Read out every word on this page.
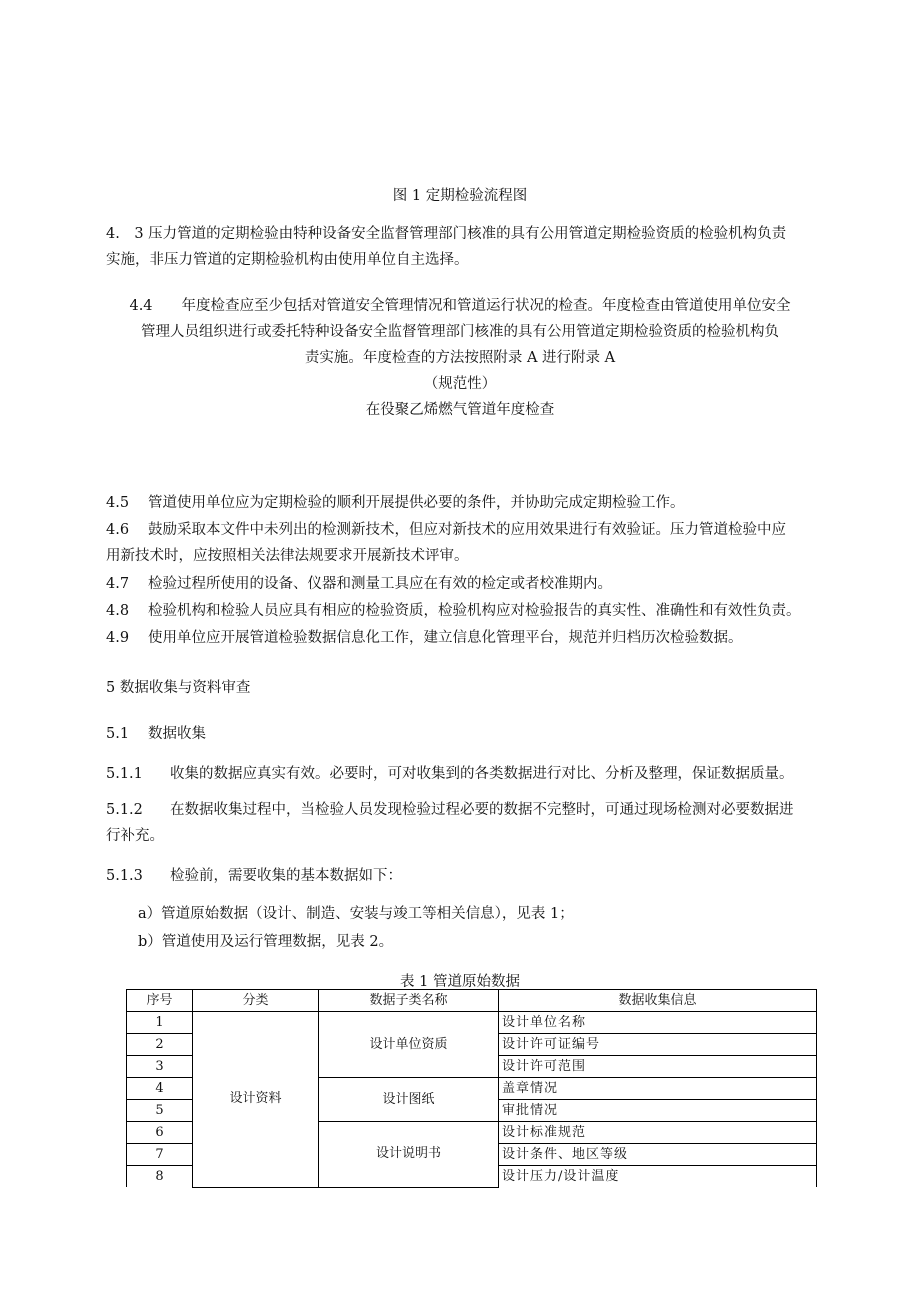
图 1 定期检验流程图
4.　3 压力管道的定期检验由特种设备安全监督管理部门核准的具有公用管道定期检验资质的检验机构负责
实施，非压力管道的定期检验机构由使用单位自主选择。
4.4　　年度检查应至少包括对管道安全管理情况和管道运行状况的检查。年度检查由管道使用单位安全
管理人员组织进行或委托特种设备安全监督管理部门核准的具有公用管道定期检验资质的检验机构负
责实施。年度检查的方法按照附录 A 进行附录 A
（规范性）
在役聚乙烯燃气管道年度检查
4.5 管道使用单位应为定期检验的顺利开展提供必要的条件，并协助完成定期检验工作。
4.6 鼓励采取本文件中未列出的检测新技术，但应对新技术的应用效果进行有效验证。压力管道检验中应
用新技术时，应按照相关法律法规要求开展新技术评审。
4.7 检验过程所使用的设备、仪器和测量工具应在有效的检定或者校准期内。
4.8 检验机构和检验人员应具有相应的检验资质，检验机构应对检验报告的真实性、准确性和有效性负责。
4.9 使用单位应开展管道检验数据信息化工作，建立信息化管理平台，规范并归档历次检验数据。
5 数据收集与资料审查
5.1 数据收集
5.1.1 收集的数据应真实有效。必要时，可对收集到的各类数据进行对比、分析及整理，保证数据质量。
5.1.2 在数据收集过程中，当检验人员发现检验过程必要的数据不完整时，可通过现场检测对必要数据进
行补充。
5.1.3 检验前，需要收集的基本数据如下：
a）管道原始数据（设计、制造、安装与竣工等相关信息），见表 1；
b）管道使用及运行管理数据，见表 2。
表 1 管道原始数据
序号	分类	数据子类名称	数据收集信息
1	设计资料	设计单位资质	设计单位名称
2			设计许可证编号
3			设计许可范围
4		设计图纸	盖章情况
5			审批情况
6		设计说明书	设计标准规范
7			设计条件、地区等级
8			设计压力/设计温度
